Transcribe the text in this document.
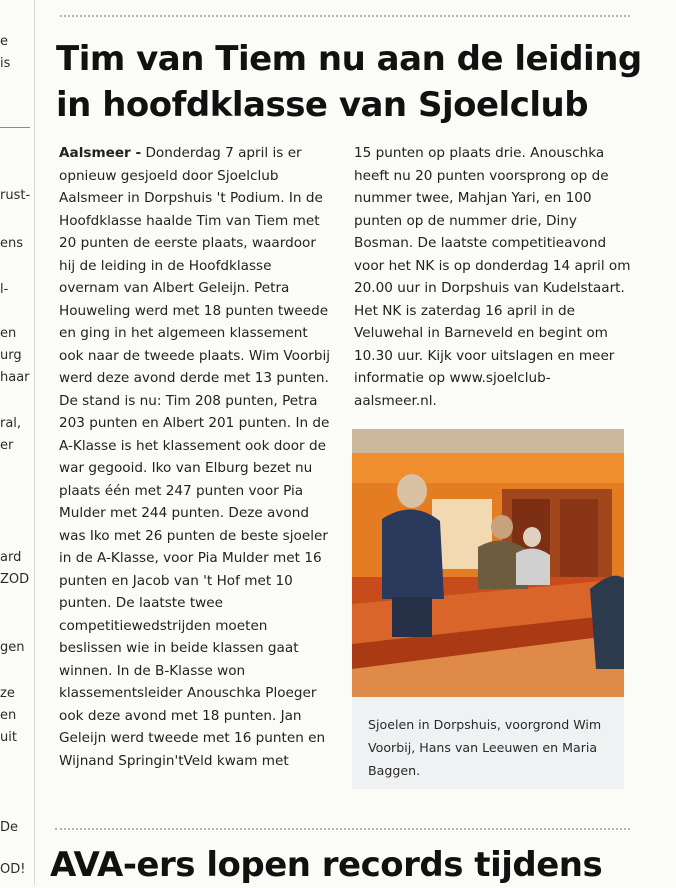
e
is
rust-
ens
l-
en
urg
haar
ral,
er
ard
ZOD
gen
ze
en
uit
De
OD!
Tim van Tiem nu aan de leiding
in hoofdklasse van Sjoelclub

Aalsmeer - Donderdag 7 april is er opnieuw gesjoeld door Sjoelclub Aalsmeer in Dorpshuis 't Podium. In de Hoofdklasse haalde Tim van Tiem met 20 punten de eerste plaats, waardoor hij de leiding in de Hoofdklasse overnam van Albert Geleijn. Petra Houweling werd met 18 punten tweede en ging in het algemeen klassement ook naar de tweede plaats. Wim Voorbij werd deze avond derde met 13 punten. De stand is nu: Tim 208 punten, Petra 203 punten en Albert 201 punten. In de A-Klasse is het klassement ook door de war gegooid. Iko van Elburg bezet nu plaats één met 247 punten voor Pia Mulder met 244 punten. Deze avond was Iko met 26 punten de beste sjoeler in de A-Klasse, voor Pia Mulder met 16 punten en Jacob van 't Hof met 10 punten. De laatste twee competitiewedstrijden moeten beslissen wie in beide klassen gaat winnen. In de B-Klasse won klassementsleider Anouschka Ploeger ook deze avond met 18 punten. Jan Geleijn werd tweede met 16 punten en Wijnand Springin'tVeld kwam met

15 punten op plaats drie. Anouschka heeft nu 20 punten voorsprong op de nummer twee, Mahjan Yari, en 100 punten op de nummer drie, Diny Bosman. De laatste competitieavond voor het NK is op donderdag 14 april om 20.00 uur in Dorpshuis van Kudelstaart. Het NK is zaterdag 16 april in de Veluwehal in Barneveld en begint om 10.30 uur. Kijk voor uitslagen en meer informatie op www.sjoelclub-aalsmeer.nl.

Sjoelen in Dorpshuis, voorgrond Wim Voorbij, Hans van Leeuwen en Maria Baggen.

AVA-ers lopen records tijdens
